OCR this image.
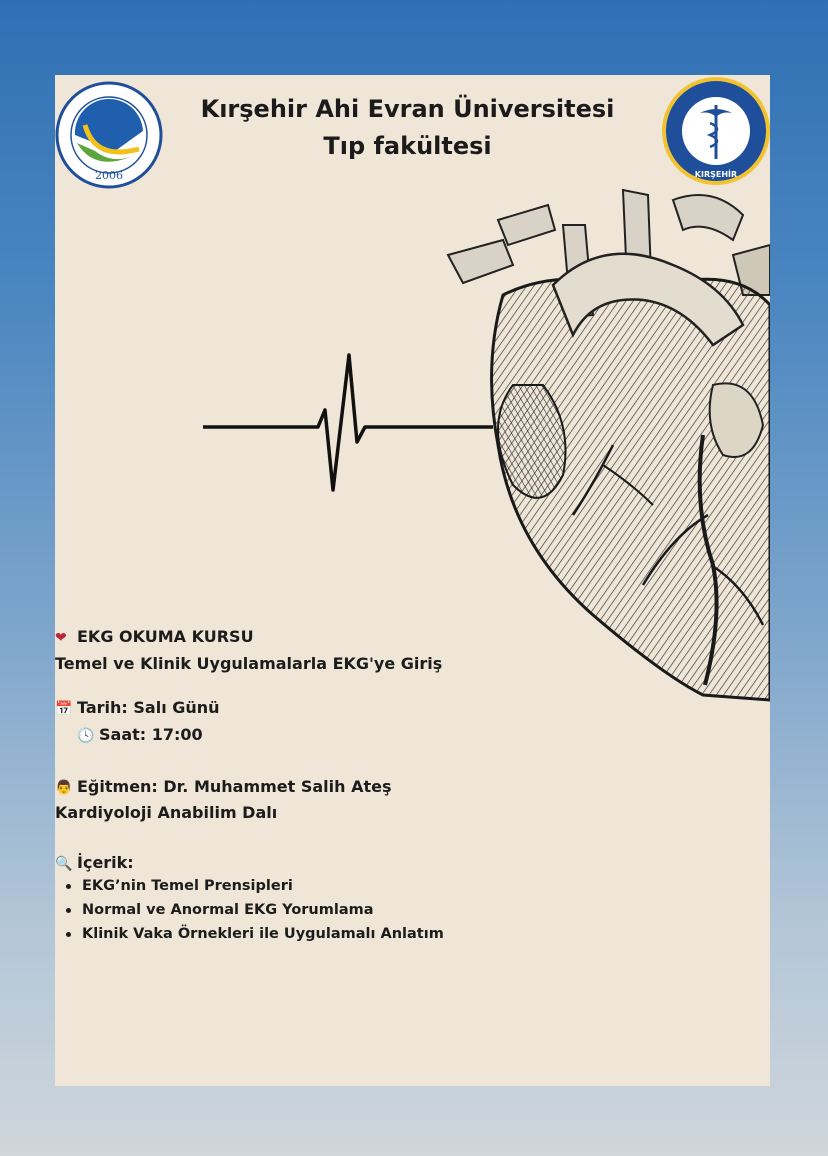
2006	KIRŞEHİR
Kırşehir Ahi Evran Üniversitesi
Tıp fakültesi
❤ EKG OKUMA KURSU
Temel ve Klinik Uygulamalarla EKG'ye Giriş
📅 Tarih: Salı Günü
🕓 Saat: 17:00
👨 Eğitmen: Dr. Muhammet Salih Ateş
Kardiyoloji Anabilim Dalı
🔍 İçerik:
EKG’nin Temel Prensipleri
Normal ve Anormal EKG Yorumlama
Klinik Vaka Örnekleri ile Uygulamalı Anlatım
